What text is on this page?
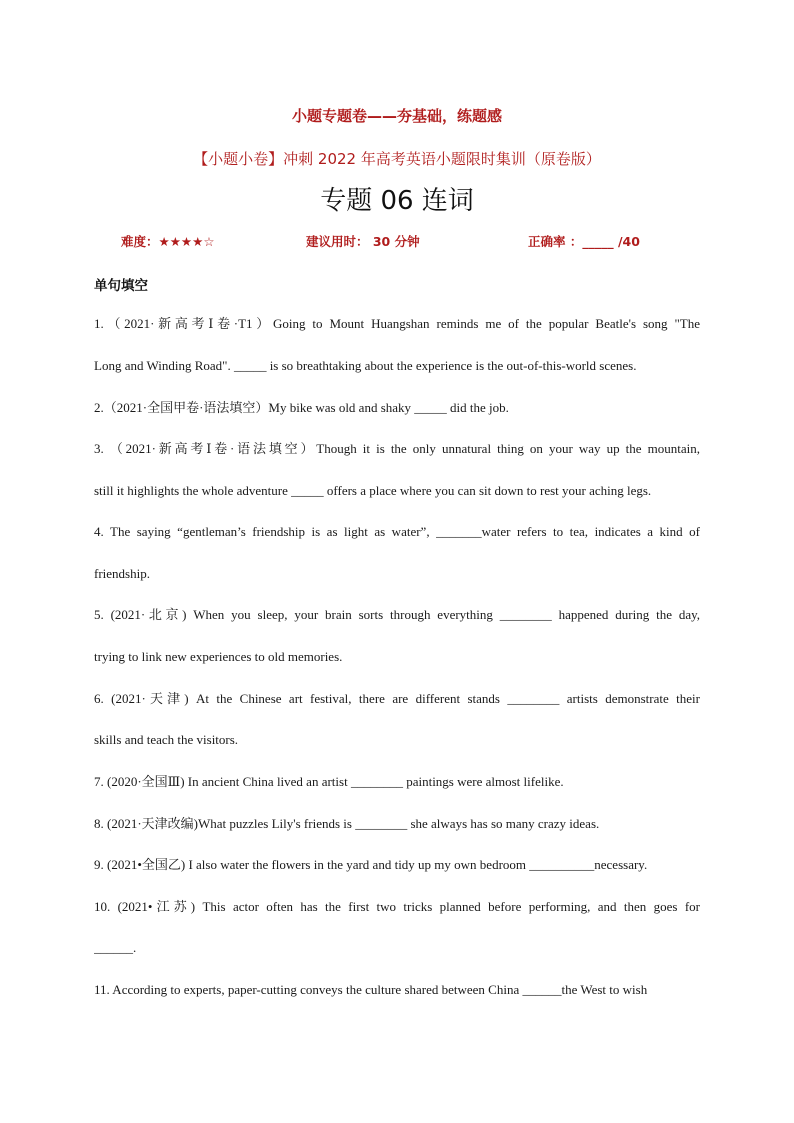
小题专题卷——夯基础，练题感
【小题小卷】冲刺 2022 年高考英语小题限时集训（原卷版）
专题 06 连词
难度：★★★★☆	建议用时： 30 分钟	正确率 ：_____ /40
单句填空
1.（2021·新高考Ⅰ卷·T1）Going to Mount Huangshan reminds me of the popular Beatle's song "The
Long and Winding Road". _____ is so breathtaking about the experience is the out-of-this-world scenes.
2.（2021·全国甲卷·语法填空）My bike was old and shaky _____ did the job.
3. （2021·新高考Ⅰ卷·语法填空）Though it is the only unnatural thing on your way up the mountain,
still it highlights the whole adventure _____ offers a place where you can sit down to rest your aching legs.
4. The saying “gentleman’s friendship is as light as water”, _______water refers to tea, indicates a kind of
friendship.
5. (2021·北京) When you sleep, your brain sorts through everything ________ happened during the day,
trying to link new experiences to old memories.
6. (2021·天津) At the Chinese art festival, there are different stands ________ artists demonstrate their
skills and teach the visitors.
7. (2020·全国Ⅲ) In ancient China lived an artist ________ paintings were almost lifelike.
8. (2021·天津改编)What puzzles Lily's friends is ________ she always has so many crazy ideas.
9. (2021•全国乙) I also water the flowers in the yard and tidy up my own bedroom __________necessary.
10. (2021•江苏) This actor often has the first two tricks planned before performing, and then goes for
______.
11. According to experts, paper-cutting conveys the culture shared between China ______the West to wish
